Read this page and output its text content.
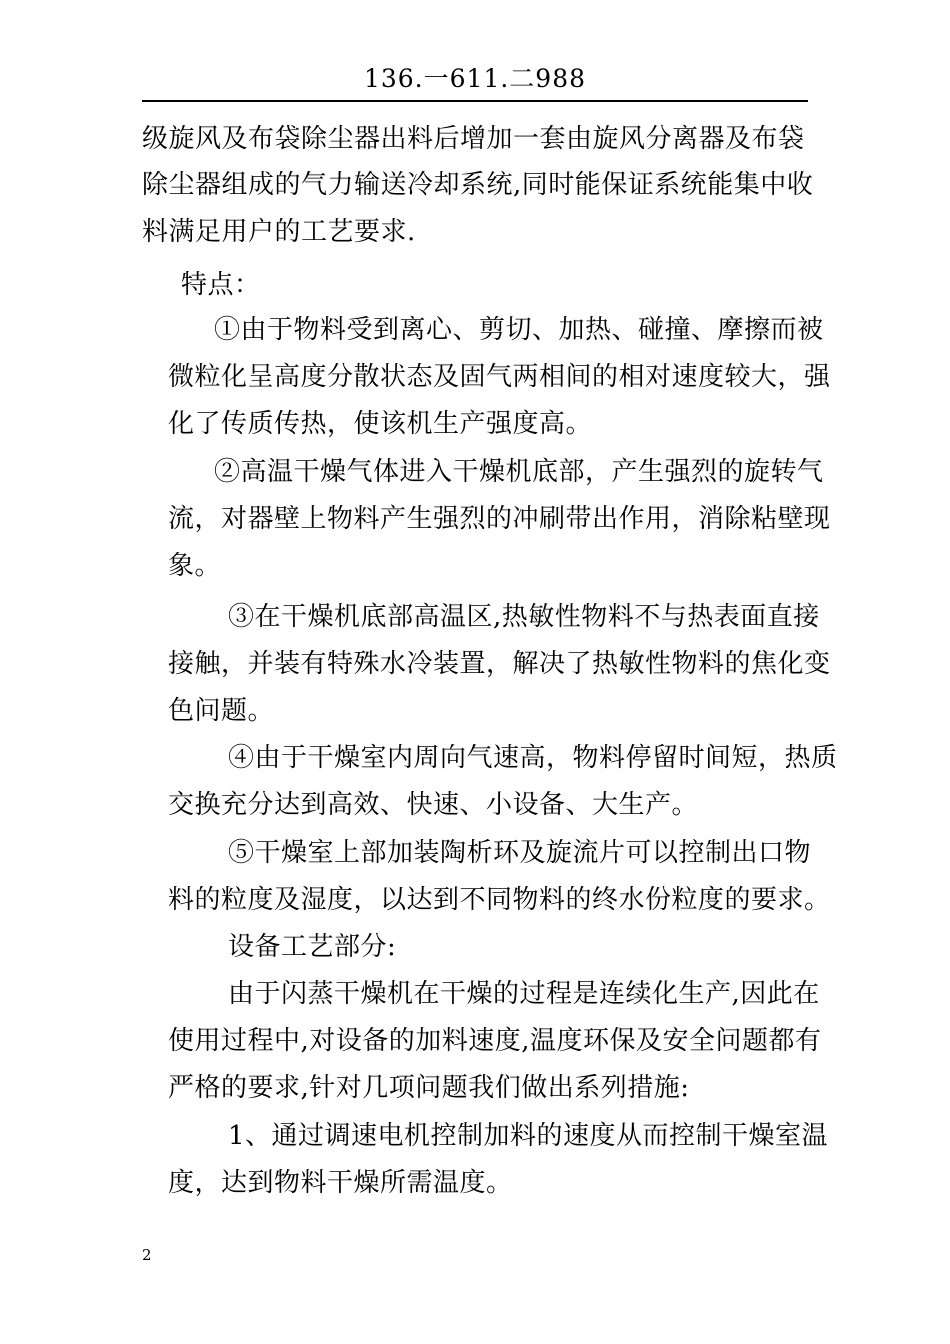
136.一611.二988
级旋风及布袋除尘器出料后增加一套由旋风分离器及布袋
除尘器组成的气力输送冷却系统,同时能保证系统能集中收
料满足用户的工艺要求.
特点：
①由于物料受到离心、剪切、加热、碰撞、摩擦而被
微粒化呈高度分散状态及固气两相间的相对速度较大，强
化了传质传热，使该机生产强度高。
②高温干燥气体进入干燥机底部，产生强烈的旋转气
流，对器壁上物料产生强烈的冲刷带出作用，消除粘壁现
象。
③在干燥机底部高温区,热敏性物料不与热表面直接
接触，并装有特殊水冷装置，解决了热敏性物料的焦化变
色问题。
④由于干燥室内周向气速高，物料停留时间短，热质
交换充分达到高效、快速、小设备、大生产。
⑤干燥室上部加装陶析环及旋流片可以控制出口物
料的粒度及湿度，以达到不同物料的终水份粒度的要求。
设备工艺部分:
由于闪蒸干燥机在干燥的过程是连续化生产,因此在
使用过程中,对设备的加料速度,温度环保及安全问题都有
严格的要求,针对几项问题我们做出系列措施:
1、通过调速电机控制加料的速度从而控制干燥室温
度，达到物料干燥所需温度。
2
